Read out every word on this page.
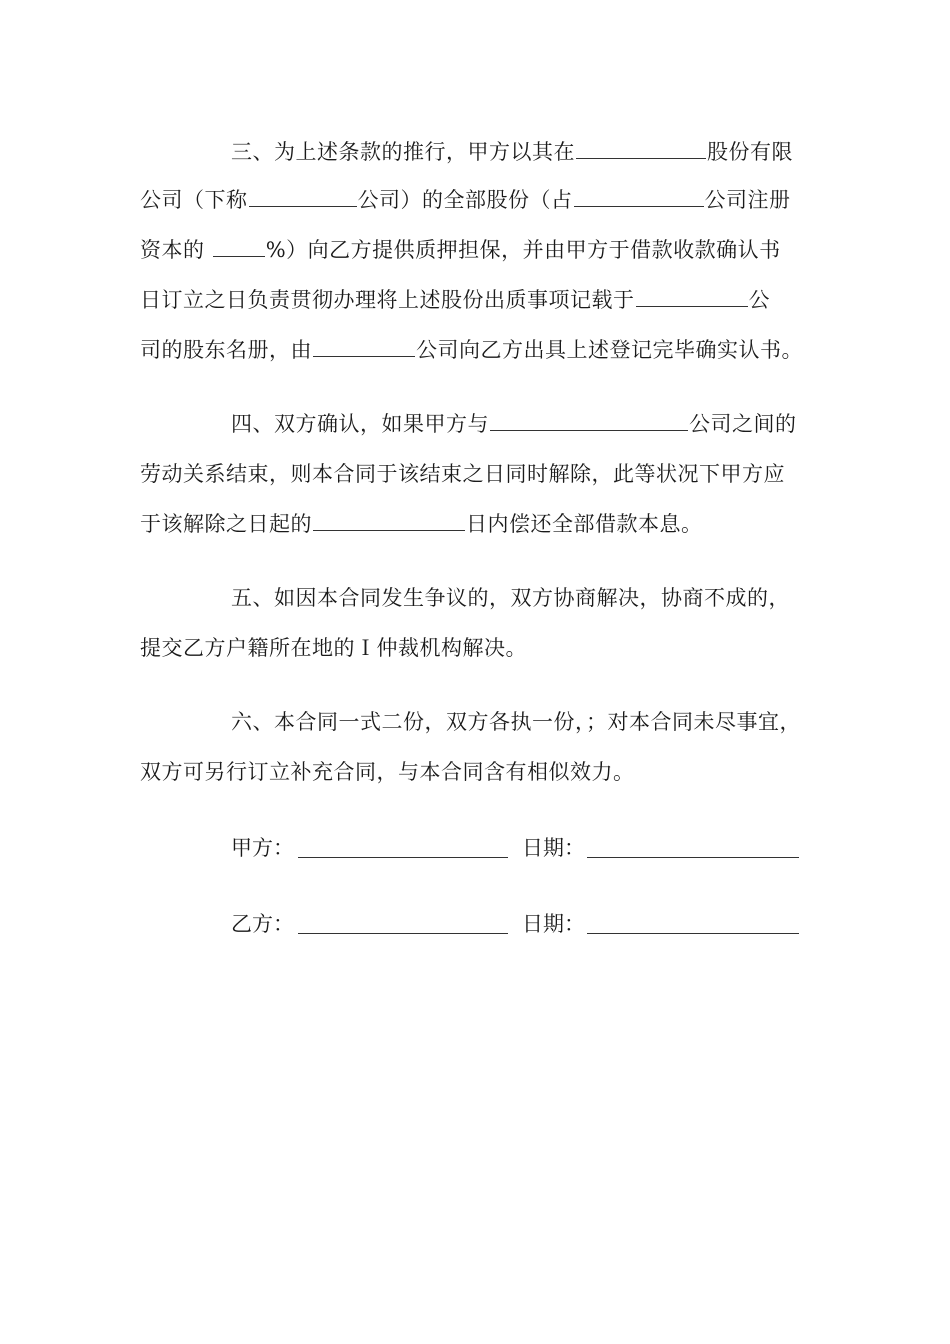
三、为上述条款的推行，甲方以其在	股份有限
公司（下称	公司）的全部股份（占	公司注册
资本的	%）向乙方提供质押担保，并由甲方于借款收款确认书
日订立之日负责贯彻办理将上述股份出质事项记载于	公
司的股东名册，由	公司向乙方出具上述登记完毕确实认书。
四、双方确认，如果甲方与	公司之间的
劳动关系结束，则本合同于该结束之日同时解除，此等状况下甲方应
于该解除之日起的	日内偿还全部借款本息。
五、如因本合同发生争议的，双方协商解决，协商不成的，
提交乙方户籍所在地的Ｉ仲裁机构解决。
六、本合同一式二份，双方各执一份，；对本合同未尽事宜，
双方可另行订立补充合同，与本合同含有相似效力。
甲方：	日期：
乙方：	日期：
